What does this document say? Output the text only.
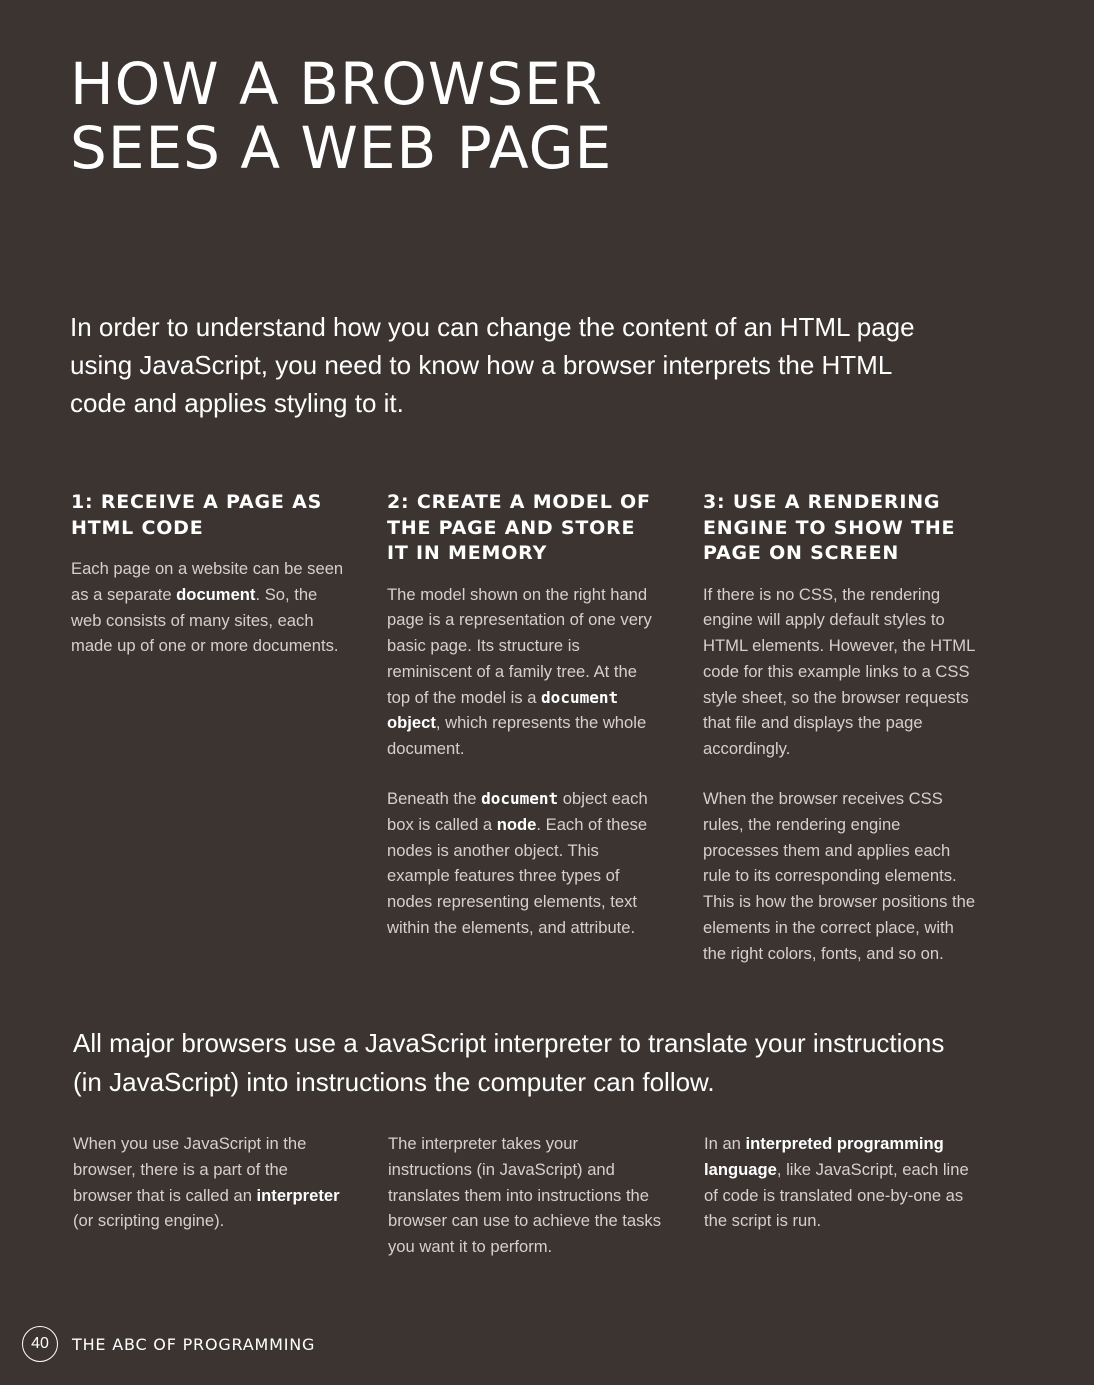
HOW A BROWSER
SEES A WEB PAGE

In order to understand how you can change the content of an HTML page using JavaScript, you need to know how a browser interprets the HTML code and applies styling to it.

1: RECEIVE A PAGE AS HTML CODE

Each page on a website can be seen as a separate document. So, the web consists of many sites, each made up of one or more documents.

2: CREATE A MODEL OF THE PAGE AND STORE IT IN MEMORY

The model shown on the right hand page is a representation of one very basic page. Its structure is reminiscent of a family tree. At the top of the model is a document object, which represents the whole document.

Beneath the document object each box is called a node. Each of these nodes is another object. This example features three types of nodes representing elements, text within the elements, and attribute.

3: USE A RENDERING ENGINE TO SHOW THE PAGE ON SCREEN

If there is no CSS, the rendering engine will apply default styles to HTML elements. However, the HTML code for this example links to a CSS style sheet, so the browser requests that file and displays the page accordingly.

When the browser receives CSS rules, the rendering engine processes them and applies each rule to its corresponding elements. This is how the browser positions the elements in the correct place, with the right colors, fonts, and so on.

All major browsers use a JavaScript interpreter to translate your instructions (in JavaScript) into instructions the computer can follow.

When you use JavaScript in the browser, there is a part of the browser that is called an interpreter (or scripting engine).

The interpreter takes your instructions (in JavaScript) and translates them into instructions the browser can use to achieve the tasks you want it to perform.

In an interpreted programming language, like JavaScript, each line of code is translated one-by-one as the script is run.

40	THE ABC OF PROGRAMMING
